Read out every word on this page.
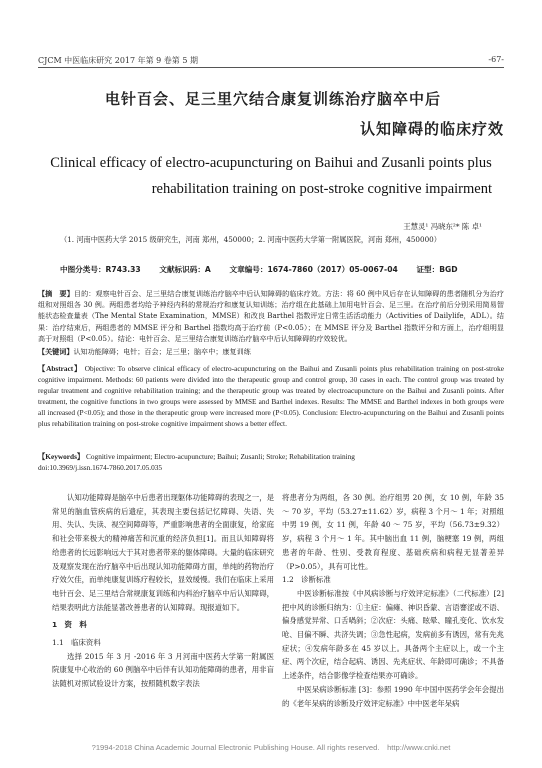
CJCM 中医临床研究 2017 年第 9 卷第 5 期	-67-
电针百会、足三里穴结合康复训练治疗脑卒中后
认知障碍的临床疗效
Clinical efficacy of electro-acupuncturing on Baihui and Zusanli points plus
rehabilitation training on post-stroke cognitive impairment
王慧灵¹ 冯晓东²* 陈 卓¹
（1. 河南中医药大学 2015 级研究生，河南 郑州，450000；2. 河南中医药大学第一附属医院，河南 郑州，450000）
中图分类号：R743.33 文献标识码：A 文章编号：1674-7860（2017）05-0067-04 证型：BGD
【摘　要】目的：观察电针百会、足三里结合康复训练治疗脑卒中后认知障碍的临床疗效。方法：将 60 例中风后存在认知障碍的患者随机分为治疗组和对照组各 30 例。两组患者均给予神经内科的常规治疗和康复认知训练；治疗组在此基础上加用电针百会、足三里。在治疗前后分别采用简易智能状态检查量表（The Mental State Examination，MMSE）和改良 Barthel 指数评定日常生活活动能力（Activities of Dailylife，ADL）。结果：治疗结束后，两组患者的 MMSE 评分和 Barthel 指数均高于治疗前（P<0.05）；在 MMSE 评分及 Barthel 指数评分和方面上，治疗组明显高于对照组（P<0.05）。结论：电针百会、足三里结合康复训练治疗脑卒中后认知障碍的疗效较优。
【关键词】认知功能障碍；电针；百会；足三里；脑卒中；康复训练
【Abstract】 Objective: To observe clinical efficacy of electro-acupuncturing on the Baihui and Zusanli points plus rehabilitation training on post-stroke cognitive impairment. Methods: 60 patients were divided into the therapeutic group and control group, 30 cases in each. The control group was treated by regular treatment and cognitive rehabilitation training; and the therapeutic group was treated by electroacupuncture on the Baihui and Zusanli points. After treatment, the cognitive functions in two groups were assessed by MMSE and Barthel indexes. Results: The MMSE and Barthel indexes in both groups were all increased (P<0.05); and those in the therapeutic group were increased more (P<0.05). Conclusion: Electro-acupuncturing on the Baihui and Zusanli points plus rehabilitation training on post-stroke cognitive impairment shows a better effect.
【Keywords】 Cognitive impairment; Electro-acupuncture; Baihui; Zusanli; Stroke; Rehabilitation training
doi:10.3969/j.issn.1674-7860.2017.05.035

认知功能障碍是脑卒中后患者出现躯体功能障碍的表现之一，是常见的脑血管疾病的后遗症，其表现主要包括记忆障碍、失语、失用、失认、失读、视空间障碍等，严重影响患者的全面康复，给家庭和社会带来极大的精神痛苦和沉重的经济负担[1]。而且认知障碍将给患者的长远影响远大于其对患者带来的躯体障碍。大量的临床研究及观察发现在治疗脑卒中后出现认知功能障碍方面，单纯的药物治疗疗效欠佳，而单纯康复训练疗程较长，显效缓慢。我们在临床上采用电针百会、足三里结合常规康复训练和内科治疗脑卒中后认知障碍，结果表明此方法能显著改善患者的认知障碍。现报道如下。

1　资　料

1.1　临床资料

选择 2015 年 3 月 -2016 年 3 月河南中医药大学第一附属医院康复中心收治的 60 例脑卒中后伴有认知功能障碍的患者，用非盲法随机对照试验设计方案，按照随机数字表法

将患者分为两组，各 30 例。治疗组男 20 例，女 10 例，年龄 35 ～ 70 岁，平均（53.27±11.62）岁，病程 3 个月～ 1 年；对照组中男 19 例，女 11 例，年龄 40 ～ 75 岁，平均（56.73±9.32）岁，病程 3 个月～ 1 年。其中脑出血 11 例，脑梗塞 19 例，两组患者的年龄、性别、受教育程度、基础疾病和病程无显著差异（P>0.05），具有可比性。

1.2　诊断标准

中医诊断标准按《中风病诊断与疗效评定标准》（二代标准）[2] 把中风的诊断归纳为：①主症：偏瘫、神识昏蒙、言语謇涩或不语、偏身感觉异常、口舌喎斜；②次症：头痛、眩晕、瞳孔变化、饮水发呛、目偏不瞬、共济失调；③急性起病，发病前多有诱因，常有先兆症状；④发病年龄多在 45 岁以上。具备两个主症以上，或一个主症、两个次症，结合起病、诱因、先兆症状、年龄即可确诊；不具备上述条件，结合影像学检查结果亦可确诊。

中医呆病诊断标准 [3]：参照 1990 年中国中医药学会年会提出的《老年呆病的诊断及疗效评定标准》中中医老年呆病

?1994-2018 China Academic Journal Electronic Publishing House. All rights reserved.　http://www.cnki.net
